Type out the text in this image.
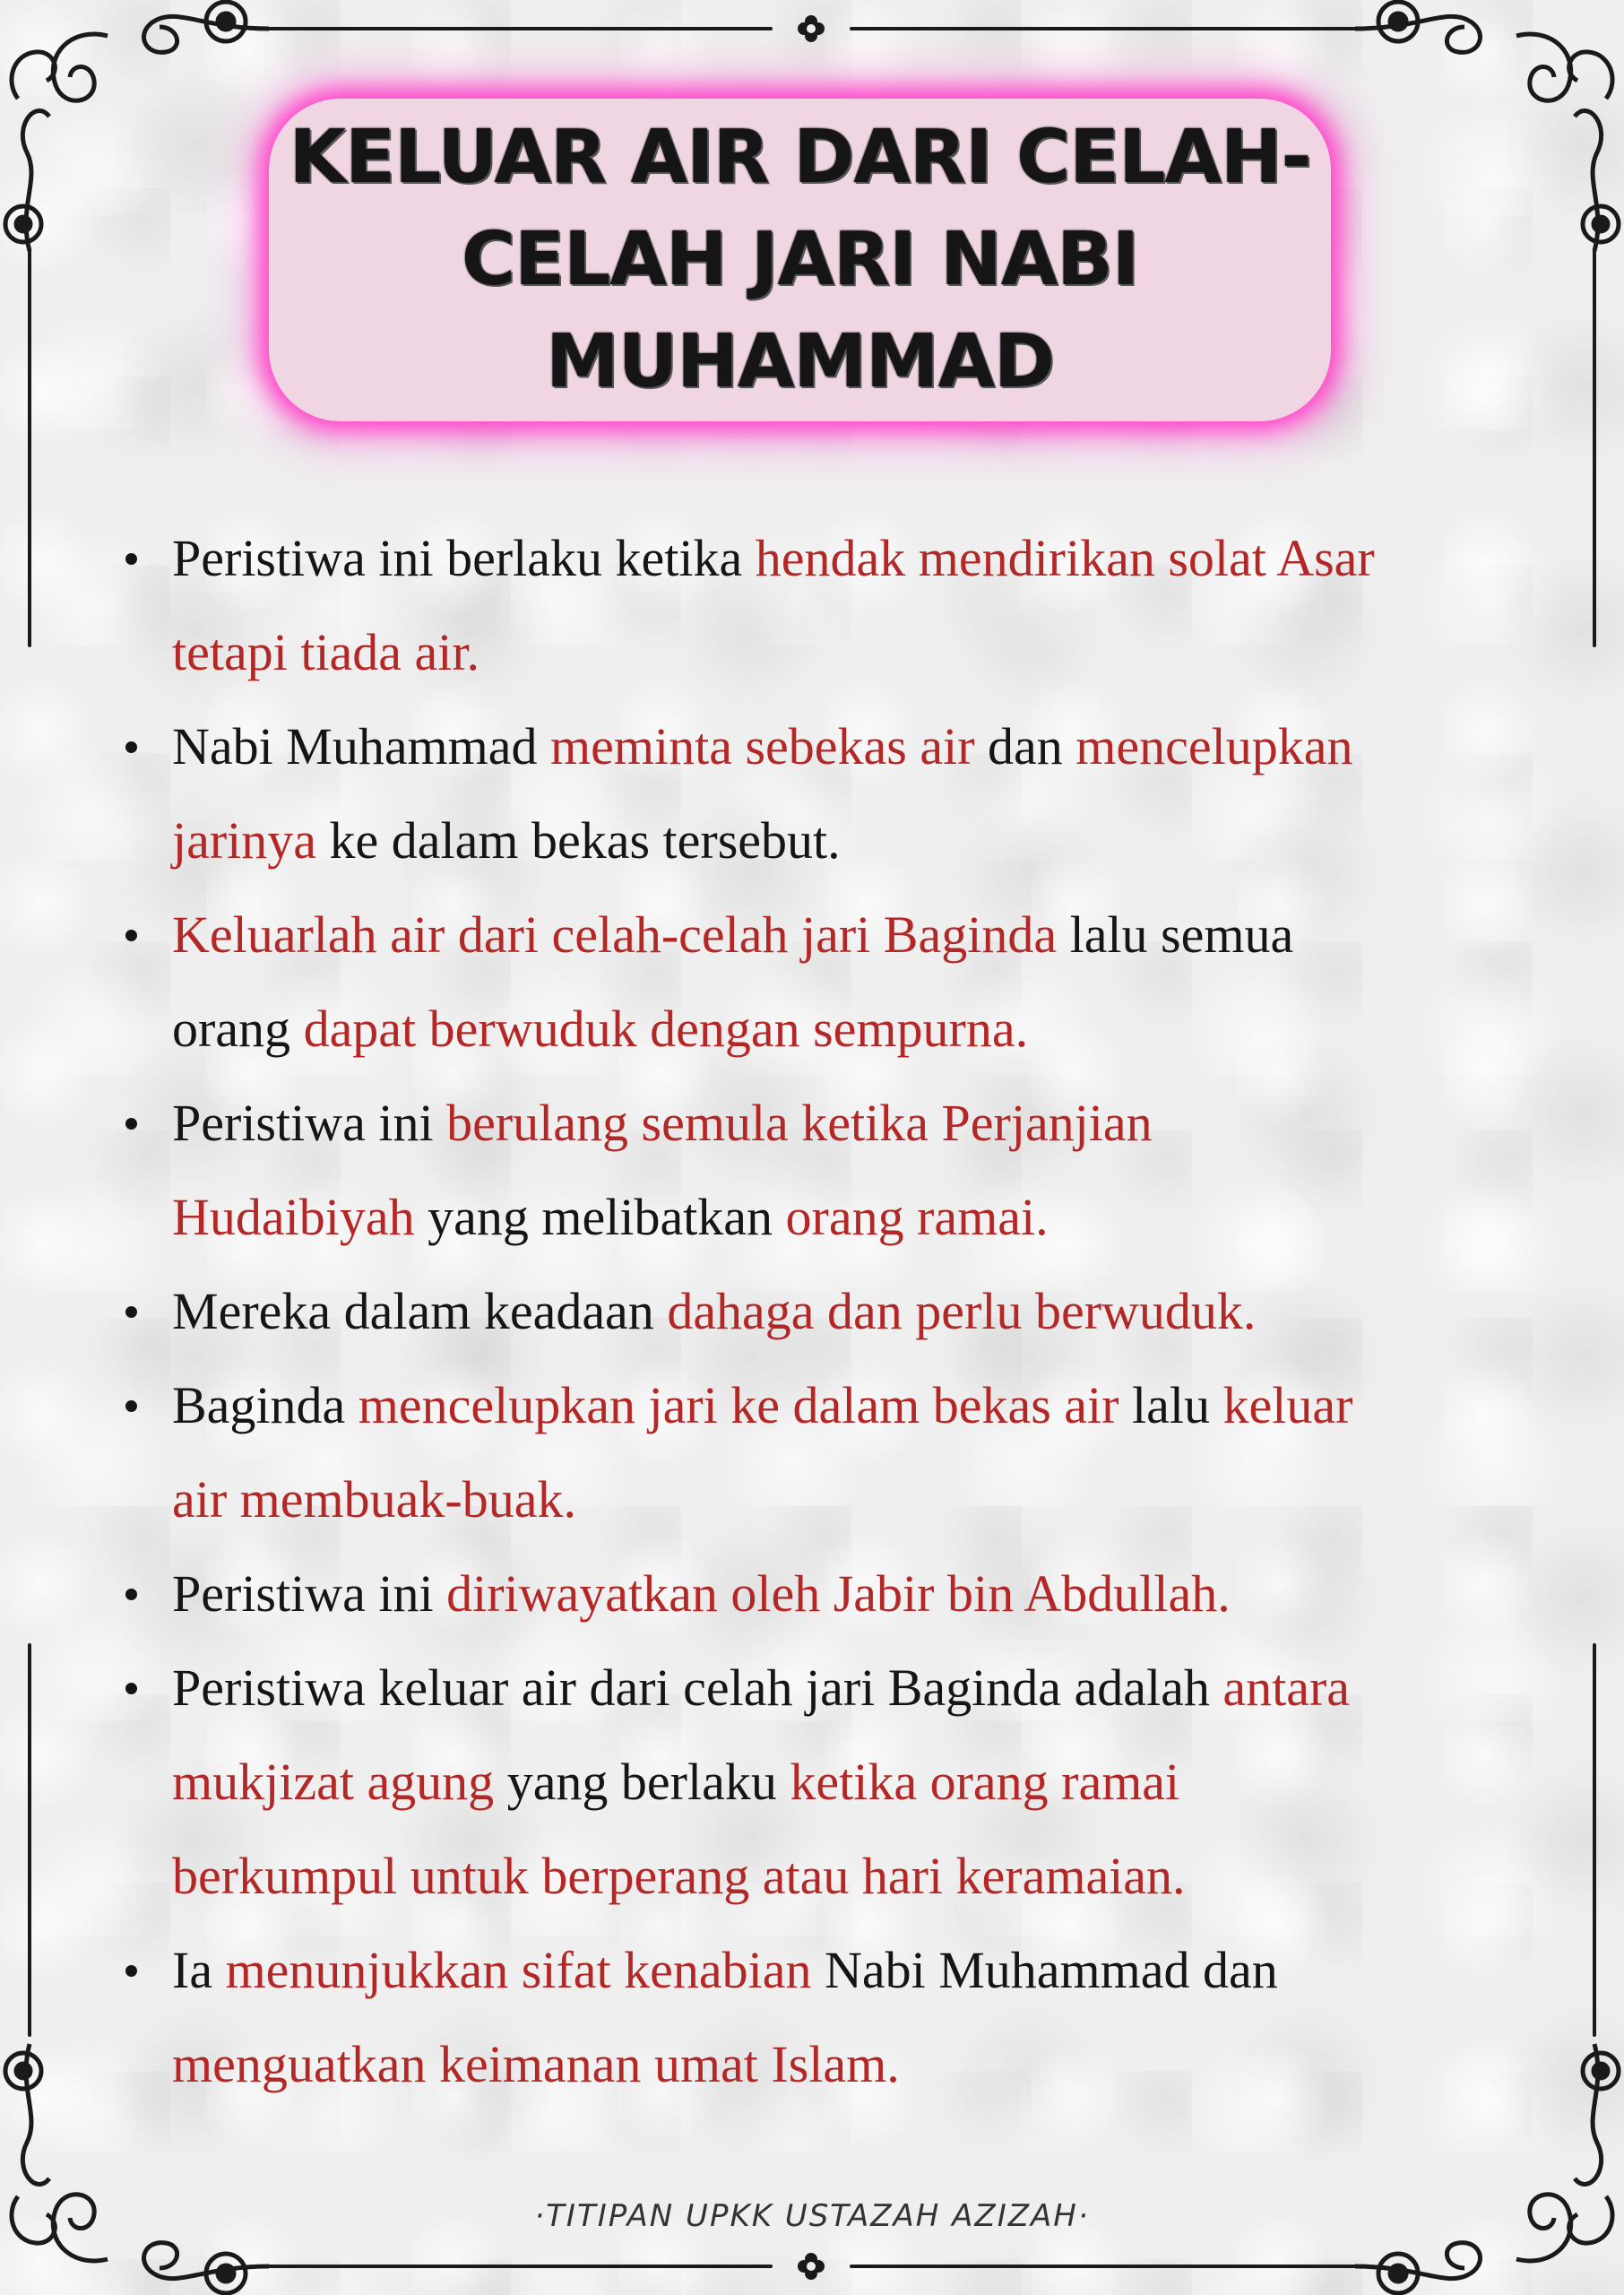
KELUAR AIR DARI CELAH-
CELAH JARI NABI
MUHAMMAD
Peristiwa ini berlaku ketika hendak mendirikan solat Asar
tetapi tiada air.
Nabi Muhammad meminta sebekas air dan mencelupkan
jarinya ke dalam bekas tersebut.
Keluarlah air dari celah-celah jari Baginda lalu semua
orang dapat berwuduk dengan sempurna.
Peristiwa ini berulang semula ketika Perjanjian
Hudaibiyah yang melibatkan orang ramai.
Mereka dalam keadaan dahaga dan perlu berwuduk.
Baginda mencelupkan jari ke dalam bekas air lalu keluar
air membuak-buak.
Peristiwa ini diriwayatkan oleh Jabir bin Abdullah.
Peristiwa keluar air dari celah jari Baginda adalah antara
mukjizat agung yang berlaku ketika orang ramai
berkumpul untuk berperang atau hari keramaian.
Ia menunjukkan sifat kenabian Nabi Muhammad dan
menguatkan keimanan umat Islam.
·TITIPAN UPKK USTAZAH AZIZAH·
